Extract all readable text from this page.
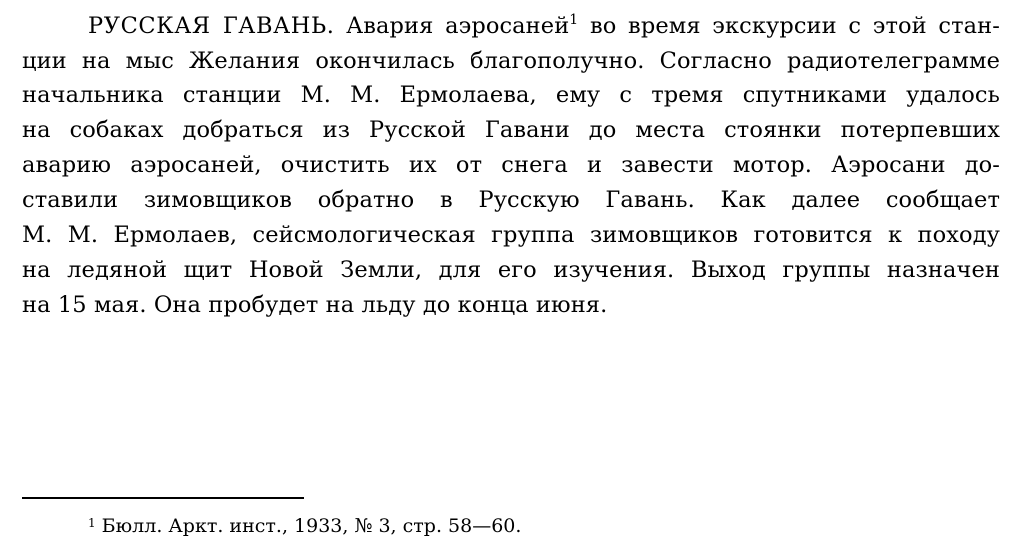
РУССКАЯ ГАВАНЬ. Авария аэросаней$^1$ во время экскурсии с этой стан-
ции на мыс Желания окончилась благополучно. Согласно радиотелеграмме
начальника станции М. М. Ермолаева, ему с тремя спутниками удалось
на собаках добраться из Русской Гавани до места стоянки потерпевших
аварию аэросаней, очистить их от снега и завести мотор. Аэросани до-
ставили зимовщиков обратно в Русскую Гавань. Как далее сообщает
М. М. Ермолаев, сейсмологическая группа зимовщиков готовится к походу
на ледяной щит Новой Земли, для его изучения. Выход группы назначен
на 15 мая. Она пробудет на льду до конца июня.
$^1$ Бюлл. Аркт. инст., 1933, № 3, стр. 58—60.
